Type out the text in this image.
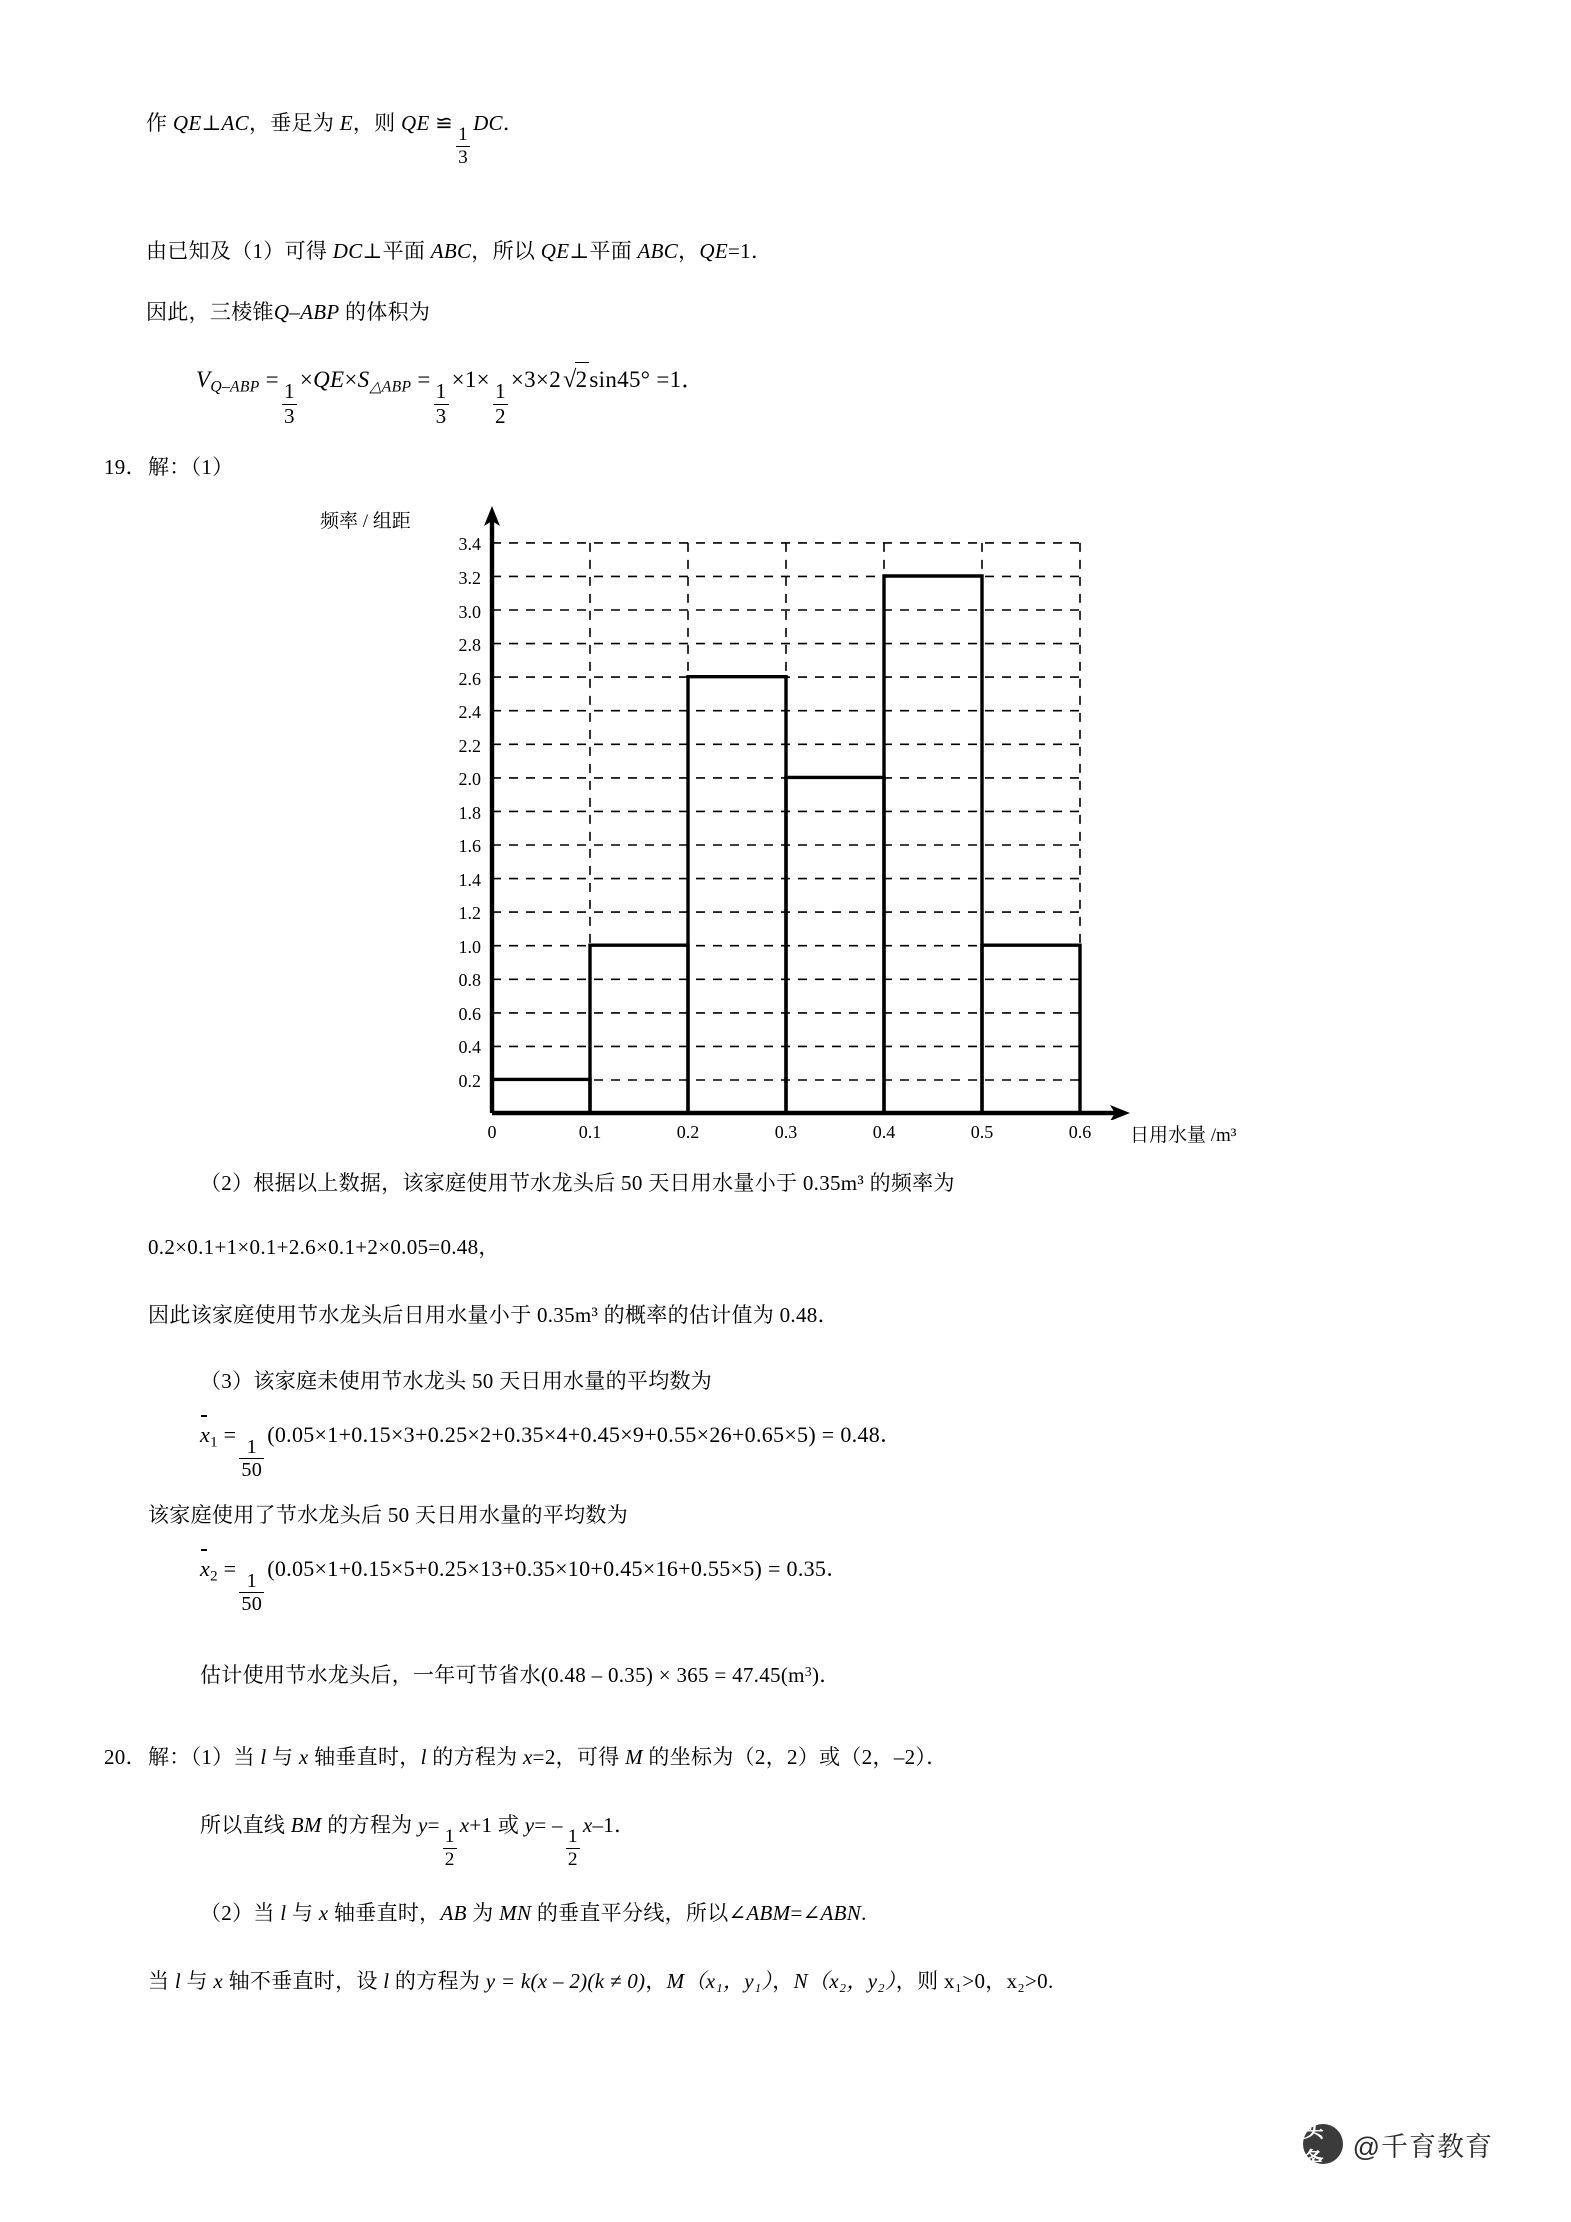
作 QE⊥AC，垂足为 E，则 QE ≌
$\frac{1}{3}$
DC．
由已知及（1）可得 DC⊥平面 ABC，所以 QE⊥平面 ABC，QE=1．
因此，三棱锥Q–ABP 的体积为
$V_{Q-ABP}$ =
$\frac{1}{3}$
$\times QE\times S_{\triangle ABP}$ =
$\frac{1}{3}$
×1×
$\frac{1}{2}$
×3×2√2sin45° =1．
19． 解：（1）
频率 / 组距
0.2
0.4
0.6
0.8
1.0
1.2
1.4
1.6
1.8
2.0
2.2
2.4
2.6
2.8
3.0
3.2
3.4
0	0.1	0.2	0.3	0.4	0.5	0.6	日用水量 /m³
（2）根据以上数据，该家庭使用节水龙头后 50 天日用水量小于 0.35m³ 的频率为
0.2×0.1+1×0.1+2.6×0.1+2×0.05=0.48，
因此该家庭使用节水龙头后日用水量小于 0.35m³ 的概率的估计值为 0.48．
（3）该家庭未使用节水龙头 50 天日用水量的平均数为
$x_1$ =
$\frac{1}{50}$
(0.05×1+0.15×3+0.25×2+0.35×4+0.45×9+0.55×26+0.65×5) = 0.48．
该家庭使用了节水龙头后 50 天日用水量的平均数为
$x_2$ =
$\frac{1}{50}$
(0.05×1+0.15×5+0.25×13+0.35×10+0.45×16+0.55×5) = 0.35．
估计使用节水龙头后，一年可节省水$(0.48 - 0.35) \times 365 = 47.45(m^3)$．
20． 解：（1）当 l 与 x 轴垂直时，l 的方程为 x=2，可得 M 的坐标为（2，2）或（2，–2）．
所以直线 BM 的方程为 y=
$\frac{1}{2}$
x+1 或 y= –
$\frac{1}{2}$
x–1．
（2）当 l 与 x 轴垂直时，AB 为 MN 的垂直平分线，所以∠ABM=∠ABN.
当 l 与 x 轴不垂直时，设 l 的方程为 y = k(x – 2)(k ≠ 0)，M（x₁，y₁），N（x₂，y₂），则 x₁>0，x₂>0.
头条	@千育教育
